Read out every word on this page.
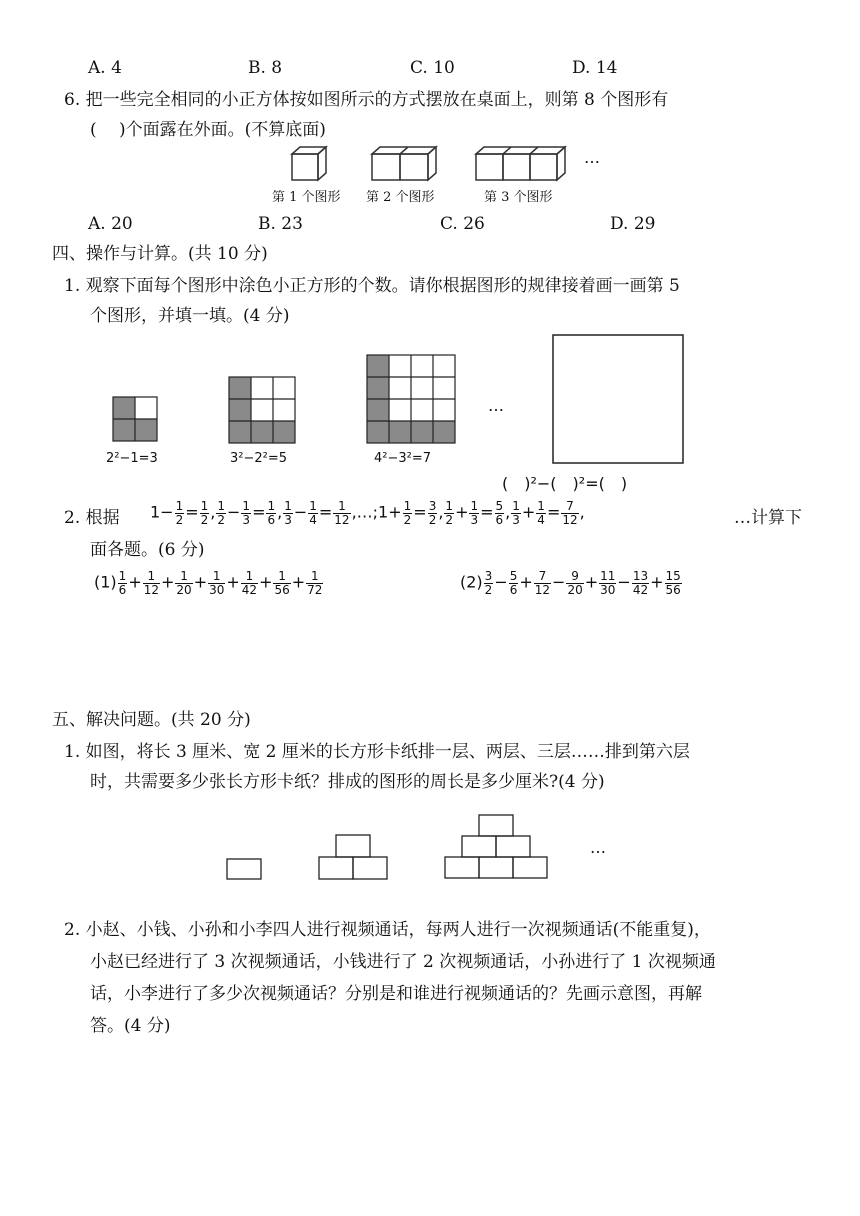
A. 4	B. 8	C. 10	D. 14
6. 把一些完全相同的小正方体按如图所示的方式摆放在桌面上，则第 8 个图形有
(　 )个面露在外面。(不算底面)
…
第 1 个图形 第 2 个图形	第 3 个图形
A. 20	B. 23	C. 26	D. 29
四、操作与计算。(共 10 分)
1. 观察下面每个图形中涂色小正方形的个数。请你根据图形的规律接着画一画第 5
个图形，并填一填。(4 分)
…
2²−1=3	3²−2²=5	4²−3²=7
(　)²−(　)²=(　)
2. 根据 $1- \frac{1}{2} = \frac{1}{2}$ , $\frac{1}{2} - \frac{1}{3} = \frac{1}{6}$ , $\frac{1}{3} - \frac{1}{4} = \frac{1}{12}$ ,…;1+ $\frac{1}{2} = \frac{3}{2}$ , $\frac{1}{2} + \frac{1}{3} = \frac{5}{6}$ , $\frac{1}{3} + \frac{1}{4} = \frac{7}{12}$ ,	…计算下
面各题。(6 分)
$(1) \frac{1}{6} + \frac{1}{12} + \frac{1}{20} + \frac{1}{30} + \frac{1}{42} + \frac{1}{56} + \frac{1}{72}$	$(2) \frac{3}{2} - \frac{5}{6} + \frac{7}{12} - \frac{9}{20} + \frac{11}{30} - \frac{13}{42} + \frac{15}{56}$
五、解决问题。(共 20 分)
1. 如图，将长 3 厘米、宽 2 厘米的长方形卡纸排一层、两层、三层……排到第六层
时，共需要多少张长方形卡纸？排成的图形的周长是多少厘米?(4 分)
…
2. 小赵、小钱、小孙和小李四人进行视频通话，每两人进行一次视频通话(不能重复)，
小赵已经进行了 3 次视频通话，小钱进行了 2 次视频通话，小孙进行了 1 次视频通
话，小李进行了多少次视频通话？分别是和谁进行视频通话的？先画示意图，再解
答。(4 分)
